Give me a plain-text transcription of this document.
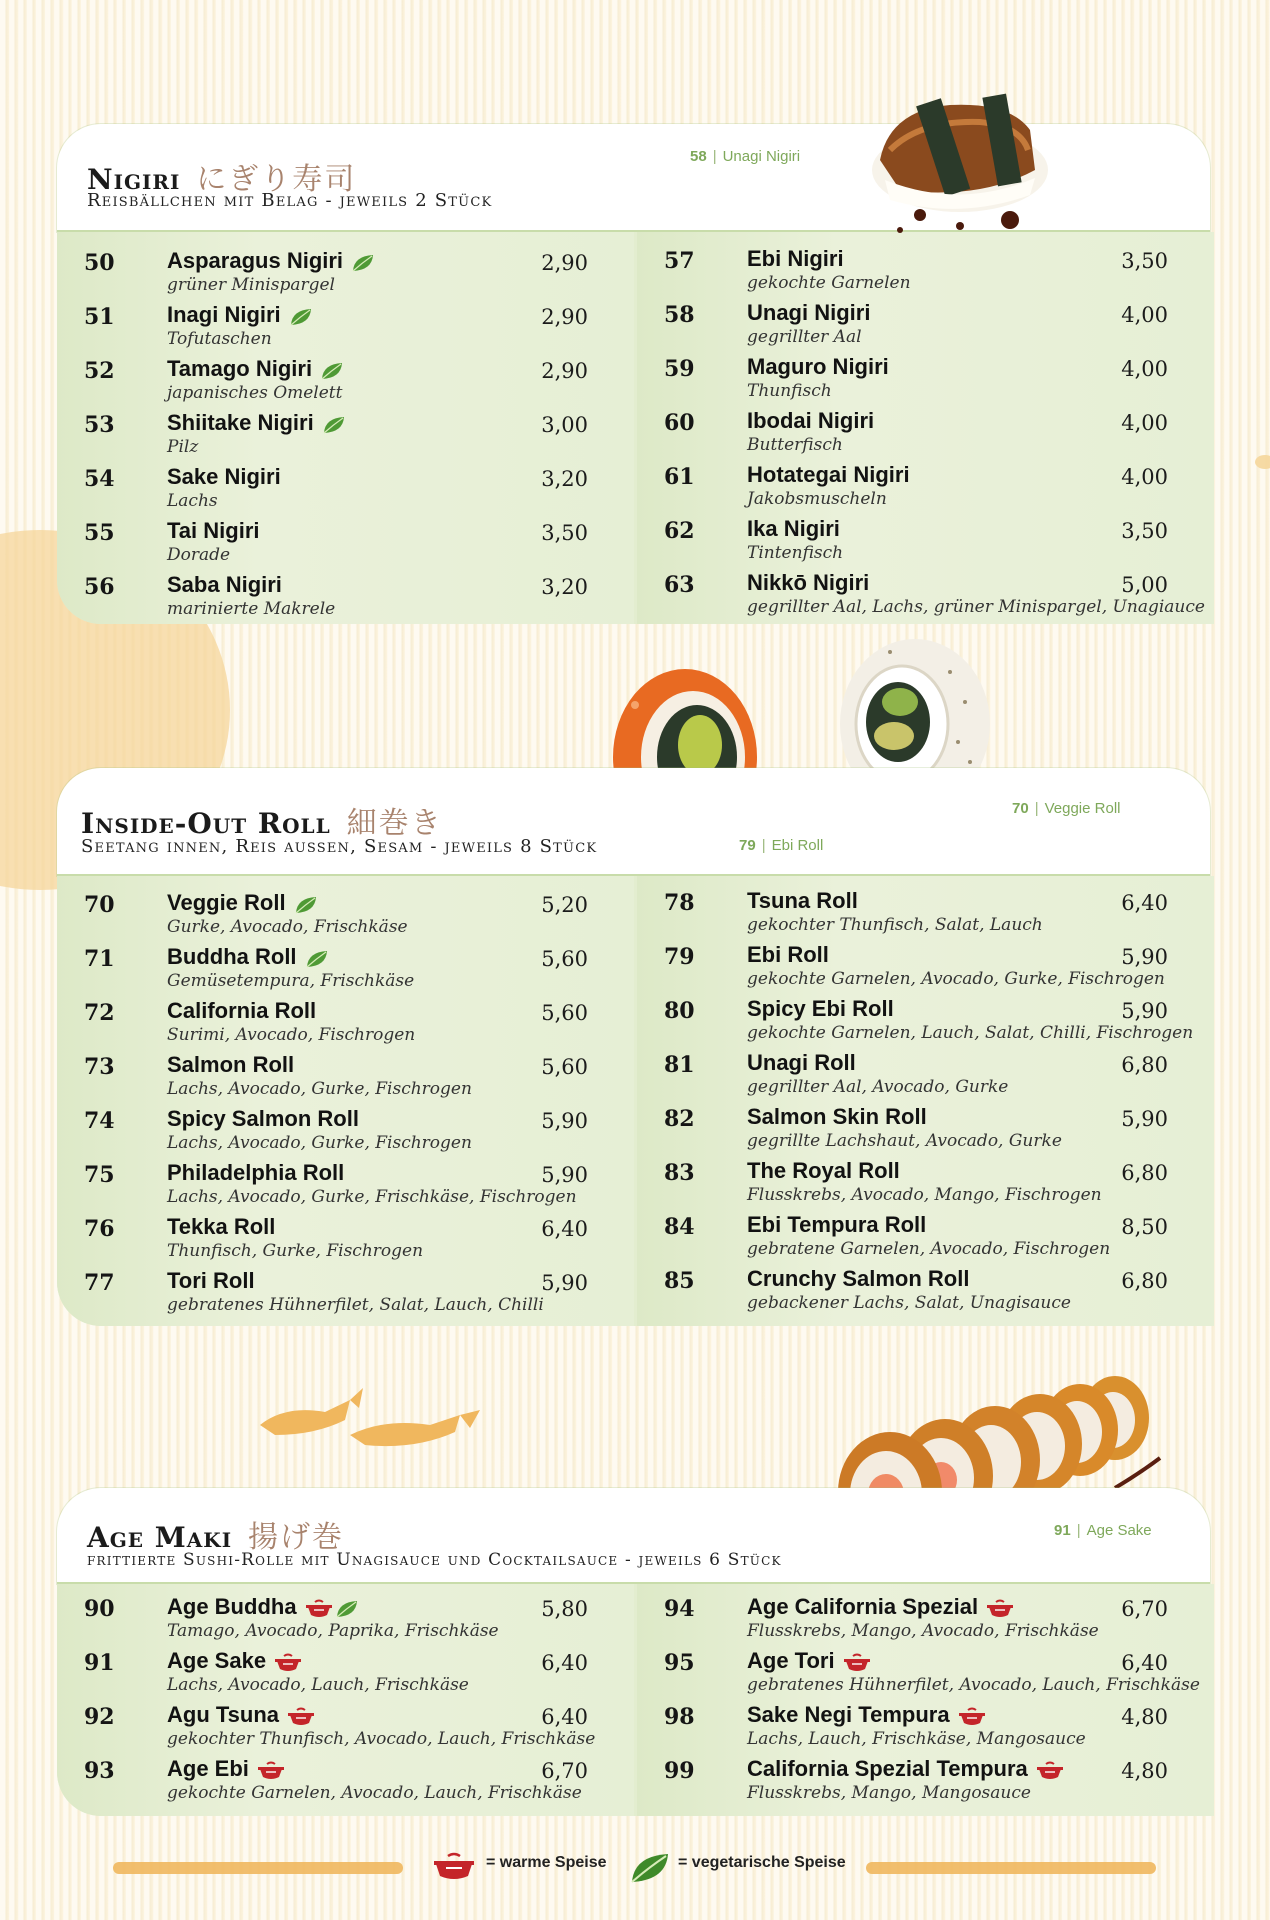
Nigiri にぎり寿司
Reisbällchen mit Belag - jeweils 2 Stück
58 | Unagi Nigiri
50 Asparagus Nigiri
grüner Minispargel
2,90
51 Inagi Nigiri
Tofutaschen
2,90
52 Tamago Nigiri
japanisches Omelett
2,90
53 Shiitake Nigiri
Pilz
3,00
54 Sake Nigiri
Lachs
3,20
55 Tai Nigiri
Dorade
3,50
56 Saba Nigiri
marinierte Makrele
3,20
57 Ebi Nigiri
gekochte Garnelen
3,50
58 Unagi Nigiri
gegrillter Aal
4,00
59 Maguro Nigiri
Thunfisch
4,00
60 Ibodai Nigiri
Butterfisch
4,00
61 Hotategai Nigiri
Jakobsmuscheln
4,00
62 Ika Nigiri
Tintenfisch
3,50
63 Nikkō Nigiri
gegrillter Aal, Lachs, grüner Minispargel, Unagiauce
5,00
Inside-Out Roll 細巻き
Seetang innen, Reis aussen, Sesam - jeweils 8 Stück
70 | Veggie Roll
79 | Ebi Roll
70 Veggie Roll
Gurke, Avocado, Frischkäse
5,20
71 Buddha Roll
Gemüsetempura, Frischkäse
5,60
72 California Roll
Surimi, Avocado, Fischrogen
5,60
73 Salmon Roll
Lachs, Avocado, Gurke, Fischrogen
5,60
74 Spicy Salmon Roll
Lachs, Avocado, Gurke, Fischrogen
5,90
75 Philadelphia Roll
Lachs, Avocado, Gurke, Frischkäse, Fischrogen
5,90
76 Tekka Roll
Thunfisch, Gurke, Fischrogen
6,40
77 Tori Roll
gebratenes Hühnerfilet, Salat, Lauch, Chilli
5,90
78 Tsuna Roll
gekochter Thunfisch, Salat, Lauch
6,40
79 Ebi Roll
gekochte Garnelen, Avocado, Gurke, Fischrogen
5,90
80 Spicy Ebi Roll
gekochte Garnelen, Lauch, Salat, Chilli, Fischrogen
5,90
81 Unagi Roll
gegrillter Aal, Avocado, Gurke
6,80
82 Salmon Skin Roll
gegrillte Lachshaut, Avocado, Gurke
5,90
83 The Royal Roll
Flusskrebs, Avocado, Mango, Fischrogen
6,80
84 Ebi Tempura Roll
gebratene Garnelen, Avocado, Fischrogen
8,50
85 Crunchy Salmon Roll
gebackener Lachs, Salat, Unagisauce
6,80
Age Maki 揚げ巻
frittierte Sushi-Rolle mit Unagisauce und Cocktailsauce - jeweils 6 Stück
91 | Age Sake
90 Age Buddha
Tamago, Avocado, Paprika, Frischkäse
5,80
91 Age Sake
Lachs, Avocado, Lauch, Frischkäse
6,40
92 Agu Tsuna
gekochter Thunfisch, Avocado, Lauch, Frischkäse
6,40
93 Age Ebi
gekochte Garnelen, Avocado, Lauch, Frischkäse
6,70
94 Age California Spezial
Flusskrebs, Mango, Avocado, Frischkäse
6,70
95 Age Tori
gebratenes Hühnerfilet, Avocado, Lauch, Frischkäse
6,40
98 Sake Negi Tempura
Lachs, Lauch, Frischkäse, Mangosauce
4,80
99 California Spezial Tempura
Flusskrebs, Mango, Mangosauce
4,80
= warme Speise	= vegetarische Speise
